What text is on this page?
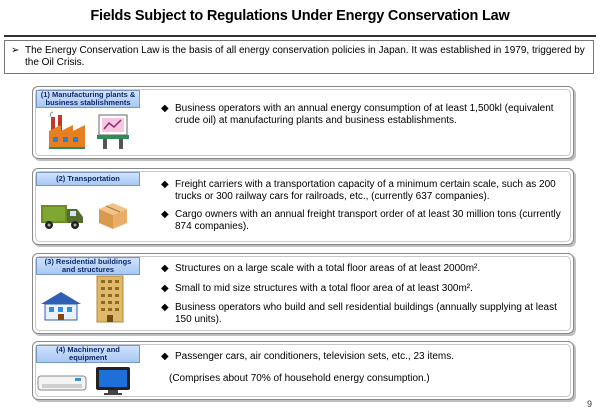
Fields Subject to Regulations Under Energy Conservation Law
➢ The Energy Conservation Law is the basis of all energy conservation policies in Japan. It was established in 1979, triggered by the Oil Crisis.
(1) Manufacturing plants & business stablishments
◆ Business operators with an annual energy consumption of at least 1,500kl (equivalent crude oil) at manufacturing plants and business establishments.
(2) Transportation
◆ Freight carriers with a transportation capacity of a minimum certain scale, such as 200 trucks or 300 railway cars for railroads, etc., (currently 637 companies).
◆ Cargo owners with an annual freight transport order of at least 30 million tons (currently 874 companies).
(3) Residential buildings and structures	◆ Structures on a large scale with a total floor areas of at least 2000m².
◆ Small to mid size structures with a total floor area of at least 300m².
◆ Business operators who build and sell residential buildings (annually supplying at least 150 units).
(4) Machinery and equipment	◆ Passenger cars, air conditioners, television sets, etc., 23 items.
(Comprises about 70% of household energy consumption.)
9
